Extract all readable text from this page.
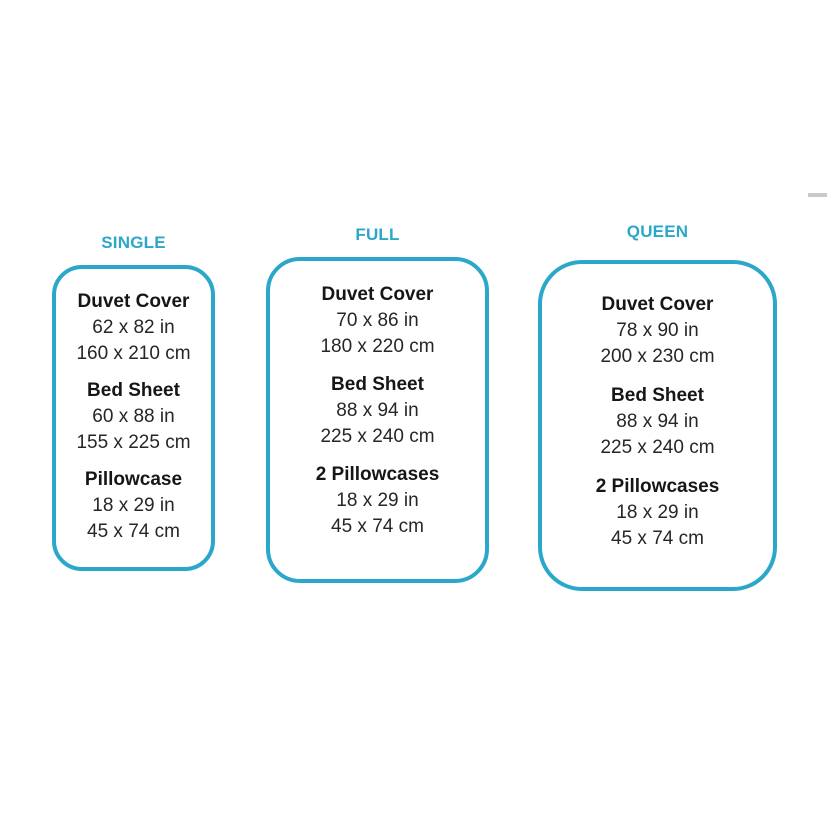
SINGLE
Duvet Cover
62 x 82 in
160 x 210 cm
Bed Sheet
60 x 88 in
155 x 225 cm
Pillowcase
18 x 29 in
45 x 74 cm
FULL
Duvet Cover
70 x 86 in
180 x 220 cm
Bed Sheet
88 x 94 in
225 x 240 cm
2 Pillowcases
18 x 29 in
45 x 74 cm
QUEEN
Duvet Cover
78 x 90 in
200 x 230 cm
Bed Sheet
88 x 94 in
225 x 240 cm
2 Pillowcases
18 x 29 in
45 x 74 cm
